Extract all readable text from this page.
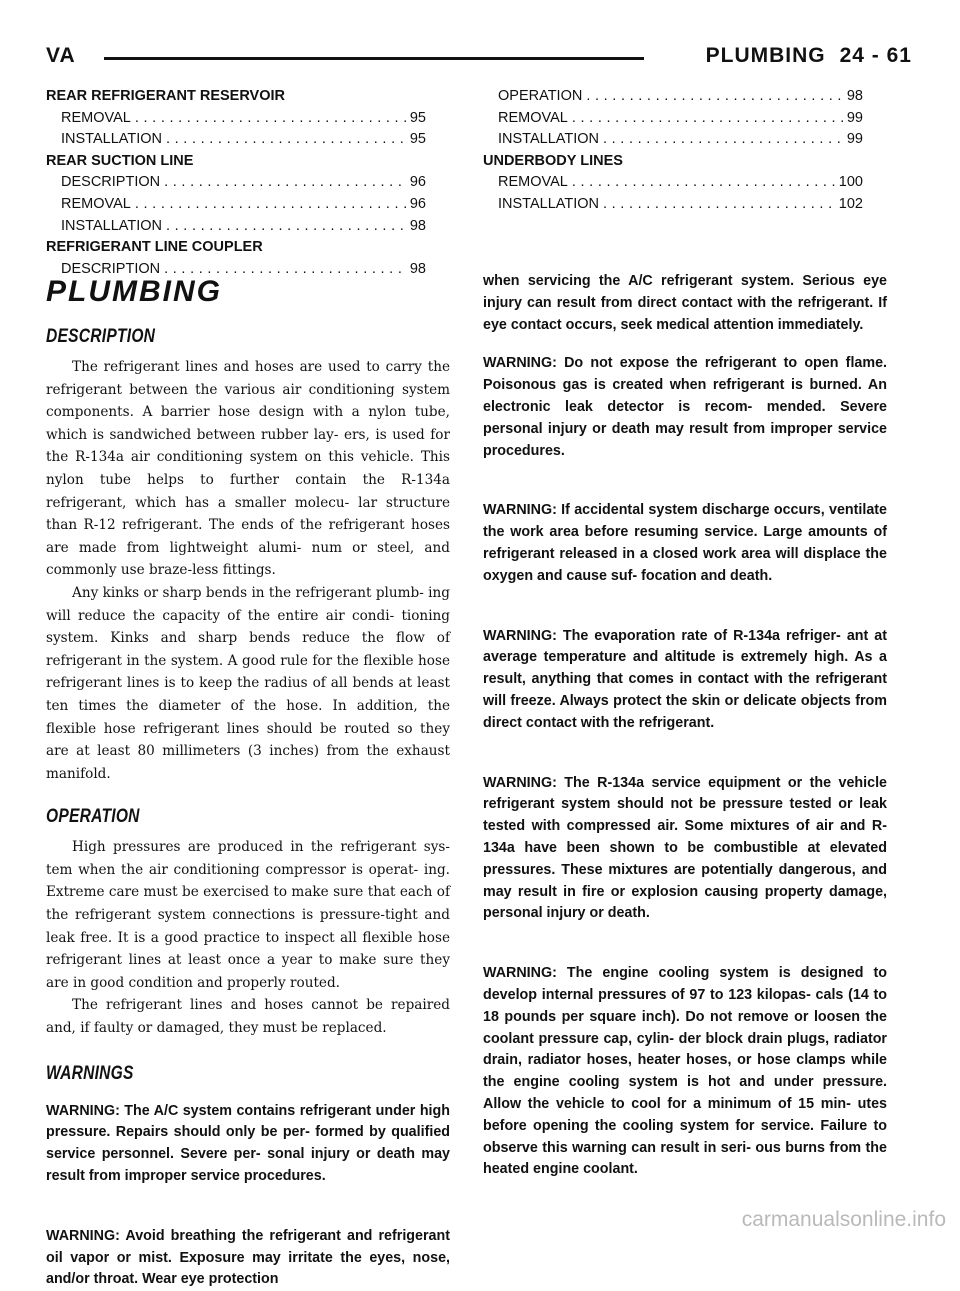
VA	PLUMBING 24 - 61
REAR REFRIGERANT RESERVOIR
REMOVAL . . .	95
INSTALLATION . . .	95
REAR SUCTION LINE
DESCRIPTION . . .	96
REMOVAL . . .	96
INSTALLATION . . .	98
REFRIGERANT LINE COUPLER
DESCRIPTION . . .	98
OPERATION . . .	98
REMOVAL . . .	99
INSTALLATION . . .	99
UNDERBODY LINES
REMOVAL . . .	100
INSTALLATION . . .	102
PLUMBING
DESCRIPTION

The refrigerant lines and hoses are used to carry the refrigerant between the various air conditioning system components. A barrier hose design with a nylon tube, which is sandwiched between rubber lay- ers, is used for the R-134a air conditioning system on this vehicle. This nylon tube helps to further contain the R-134a refrigerant, which has a smaller molecu- lar structure than R-12 refrigerant. The ends of the refrigerant hoses are made from lightweight alumi- num or steel, and commonly use braze-less fittings.

Any kinks or sharp bends in the refrigerant plumb- ing will reduce the capacity of the entire air condi- tioning system. Kinks and sharp bends reduce the flow of refrigerant in the system. A good rule for the flexible hose refrigerant lines is to keep the radius of all bends at least ten times the diameter of the hose. In addition, the flexible hose refrigerant lines should be routed so they are at least 80 millimeters (3 inches) from the exhaust manifold.

OPERATION

High pressures are produced in the refrigerant sys- tem when the air conditioning compressor is operat- ing. Extreme care must be exercised to make sure that each of the refrigerant system connections is pressure-tight and leak free. It is a good practice to inspect all flexible hose refrigerant lines at least once a year to make sure they are in good condition and properly routed.

The refrigerant lines and hoses cannot be repaired and, if faulty or damaged, they must be replaced.

WARNINGS

WARNING: The A/C system contains refrigerant under high pressure. Repairs should only be per- formed by qualified service personnel. Severe per- sonal injury or death may result from improper service procedures.

WARNING: Avoid breathing the refrigerant and refrigerant oil vapor or mist. Exposure may irritate the eyes, nose, and/or throat. Wear eye protection

when servicing the A/C refrigerant system. Serious eye injury can result from direct contact with the refrigerant. If eye contact occurs, seek medical attention immediately.

WARNING: Do not expose the refrigerant to open flame. Poisonous gas is created when refrigerant is burned. An electronic leak detector is recom- mended. Severe personal injury or death may result from improper service procedures.

WARNING: If accidental system discharge occurs, ventilate the work area before resuming service. Large amounts of refrigerant released in a closed work area will displace the oxygen and cause suf- focation and death.

WARNING: The evaporation rate of R-134a refriger- ant at average temperature and altitude is extremely high. As a result, anything that comes in contact with the refrigerant will freeze. Always protect the skin or delicate objects from direct contact with the refrigerant.

WARNING: The R-134a service equipment or the vehicle refrigerant system should not be pressure tested or leak tested with compressed air. Some mixtures of air and R-134a have been shown to be combustible at elevated pressures. These mixtures are potentially dangerous, and may result in fire or explosion causing property damage, personal injury or death.

WARNING: The engine cooling system is designed to develop internal pressures of 97 to 123 kilopas- cals (14 to 18 pounds per square inch). Do not remove or loosen the coolant pressure cap, cylin- der block drain plugs, radiator drain, radiator hoses, heater hoses, or hose clamps while the engine cooling system is hot and under pressure. Allow the vehicle to cool for a minimum of 15 min- utes before opening the cooling system for service. Failure to observe this warning can result in seri- ous burns from the heated engine coolant.

carmanualsonline.info
